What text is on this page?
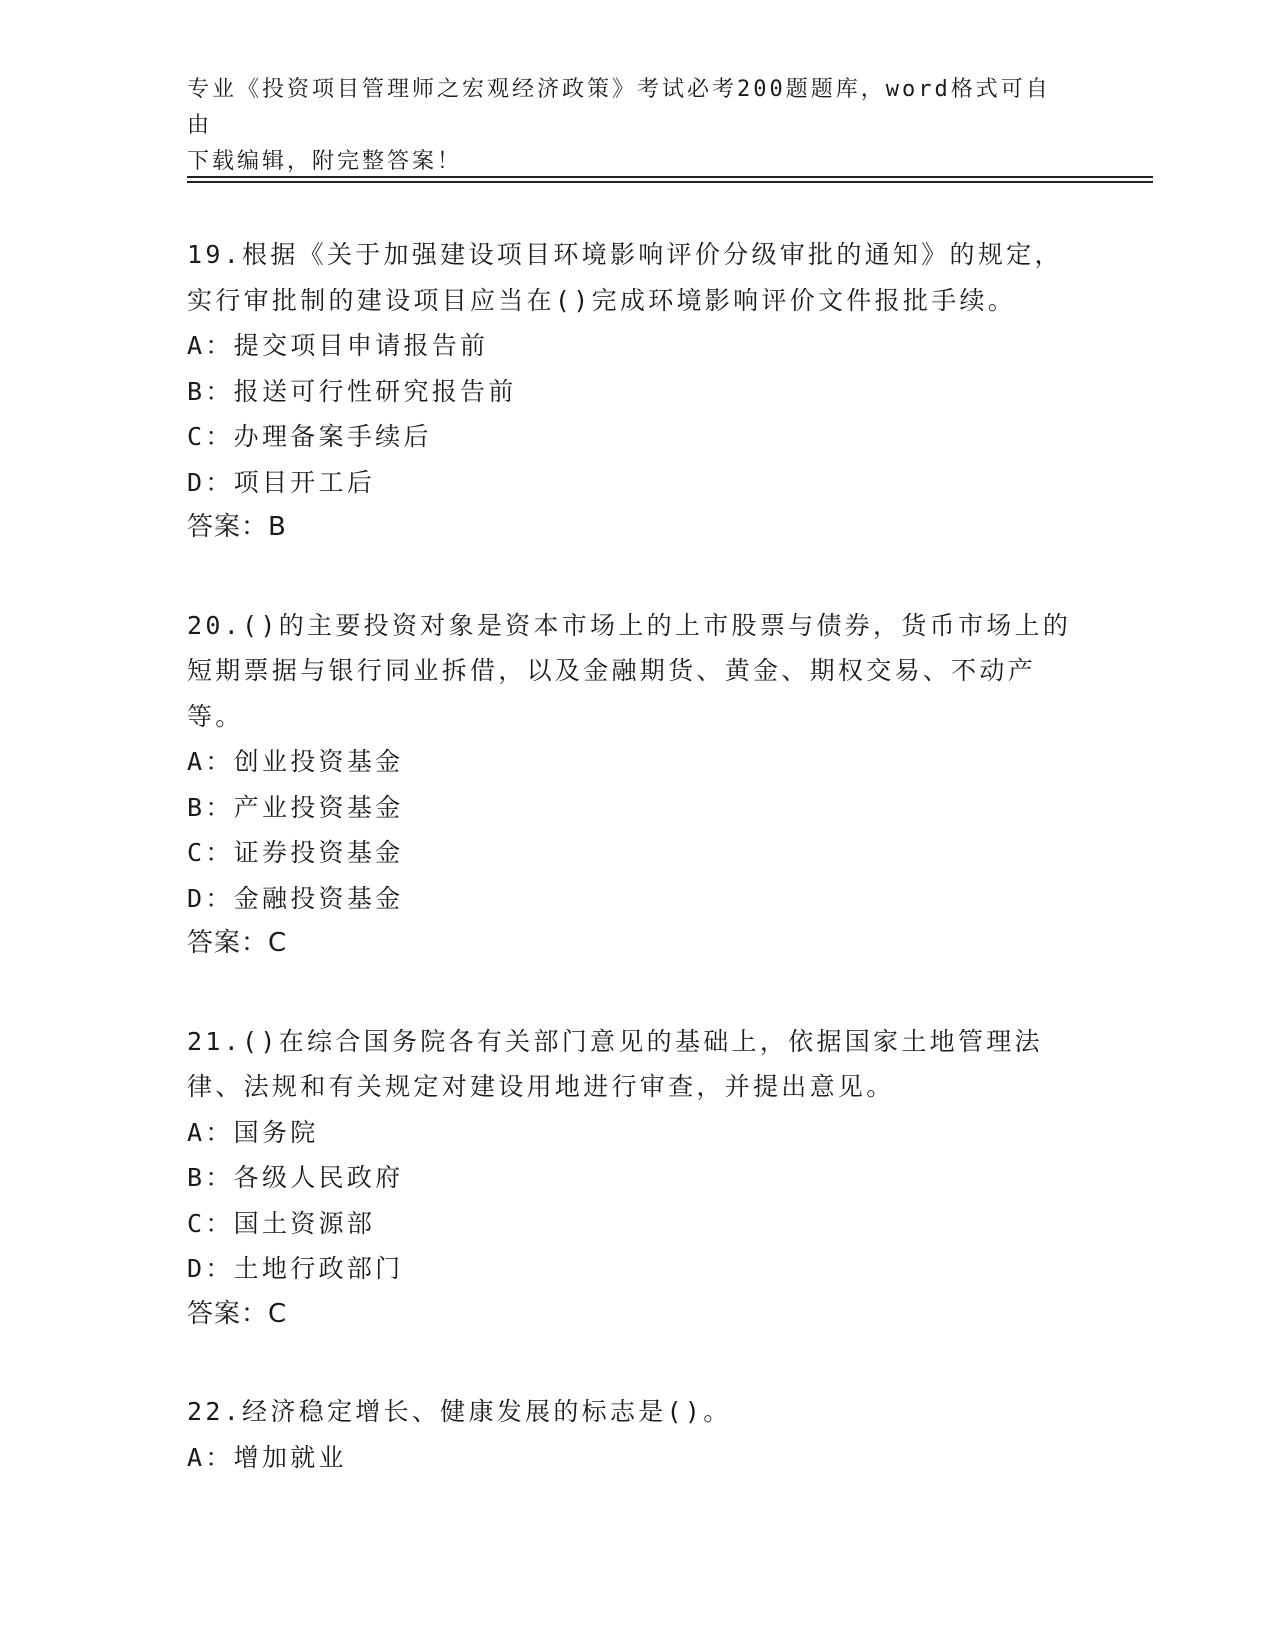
专业《投资项目管理师之宏观经济政策》考试必考200题题库，word格式可自由
下载编辑，附完整答案！

19.根据《关于加强建设项目环境影响评价分级审批的通知》的规定，实行审批制的建设项目应当在()完成环境影响评价文件报批手续。

A：提交项目申请报告前

B：报送可行性研究报告前

C：办理备案手续后

D：项目开工后

答案：B

20.()的主要投资对象是资本市场上的上市股票与债券，货币市场上的短期票据与银行同业拆借，以及金融期货、黄金、期权交易、不动产等。

A：创业投资基金

B：产业投资基金

C：证券投资基金

D：金融投资基金

答案：C

21.()在综合国务院各有关部门意见的基础上，依据国家土地管理法律、法规和有关规定对建设用地进行审查，并提出意见。

A：国务院

B：各级人民政府

C：国土资源部

D：土地行政部门

答案：C

22.经济稳定增长、健康发展的标志是()。

A：增加就业
